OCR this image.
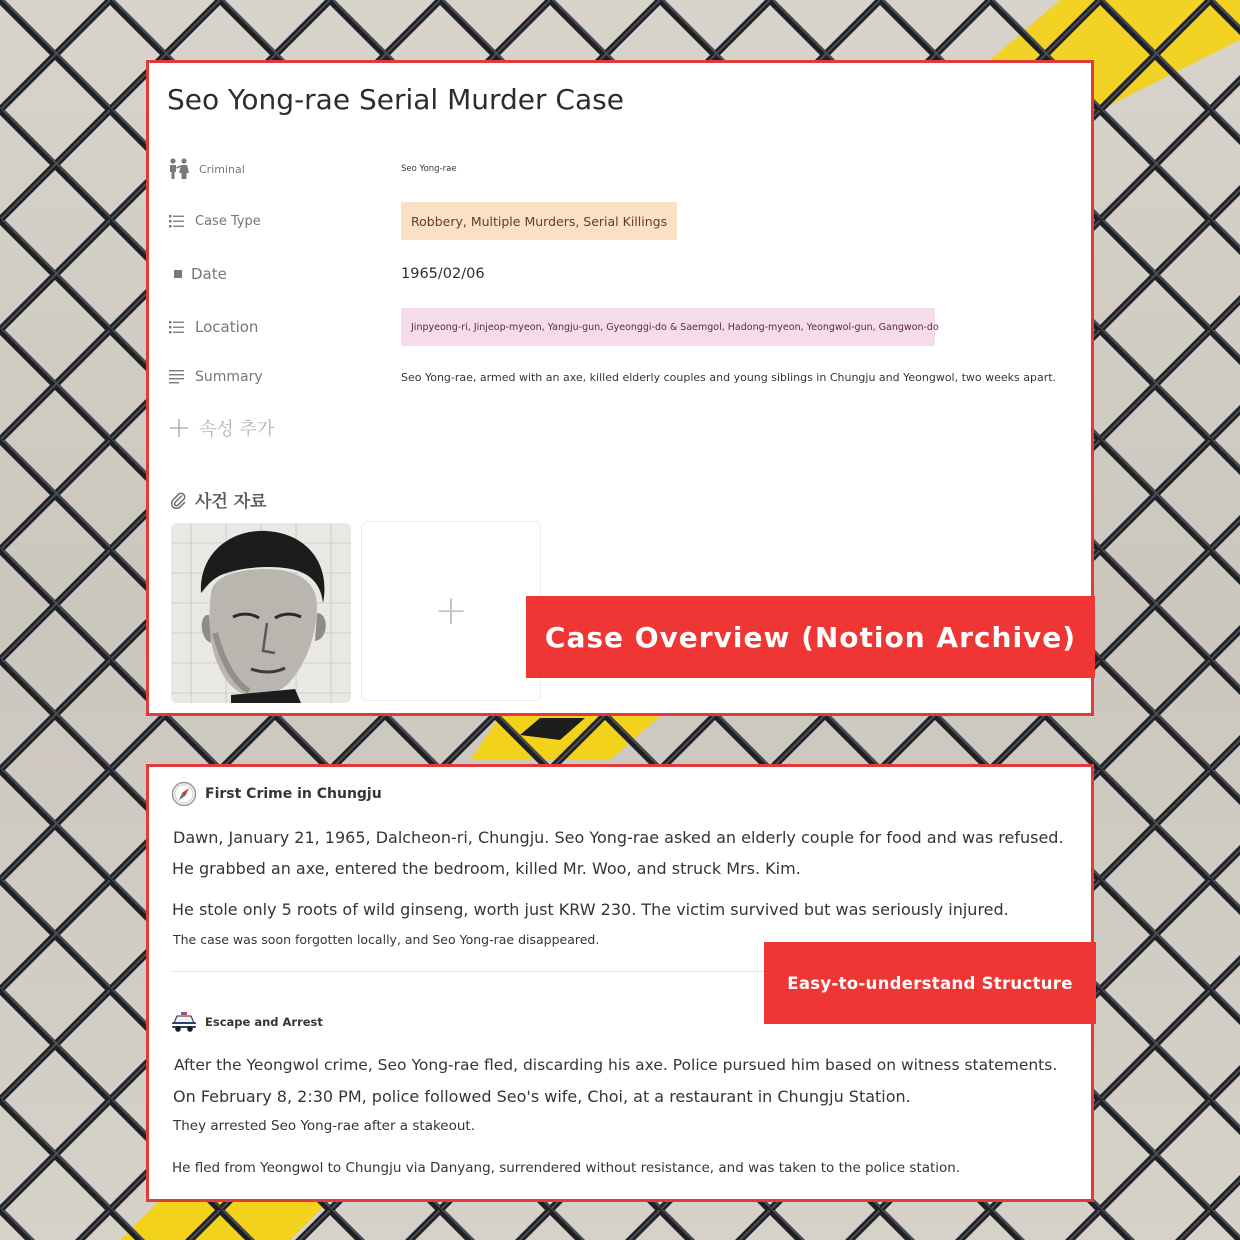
Seo Yong-rae Serial Murder Case
Criminal	Seo Yong-rae
Case Type	Robbery, Multiple Murders, Serial Killings
Date	1965/02/06
Location	Jinpyeong-ri, Jinjeop-myeon, Yangju-gun, Gyeonggi-do & Saemgol, Hadong-myeon, Yeongwol-gun, Gangwon-do
Summary	Seo Yong-rae, armed with an axe, killed elderly couples and young siblings in Chungju and Yeongwol, two weeks apart.
속성 추가
사건 자료
+
Case Overview (Notion Archive)
First Crime in Chungju
Dawn, January 21, 1965, Dalcheon-ri, Chungju. Seo Yong-rae asked an elderly couple for food and was refused.
He grabbed an axe, entered the bedroom, killed Mr. Woo, and struck Mrs. Kim.
He stole only 5 roots of wild ginseng, worth just KRW 230. The victim survived but was seriously injured.
The case was soon forgotten locally, and Seo Yong-rae disappeared.
Escape and Arrest
After the Yeongwol crime, Seo Yong-rae fled, discarding his axe. Police pursued him based on witness statements.
On February 8, 2:30 PM, police followed Seo's wife, Choi, at a restaurant in Chungju Station.
They arrested Seo Yong-rae after a stakeout.
He fled from Yeongwol to Chungju via Danyang, surrendered without resistance, and was taken to the police station.
Easy-to-understand Structure
